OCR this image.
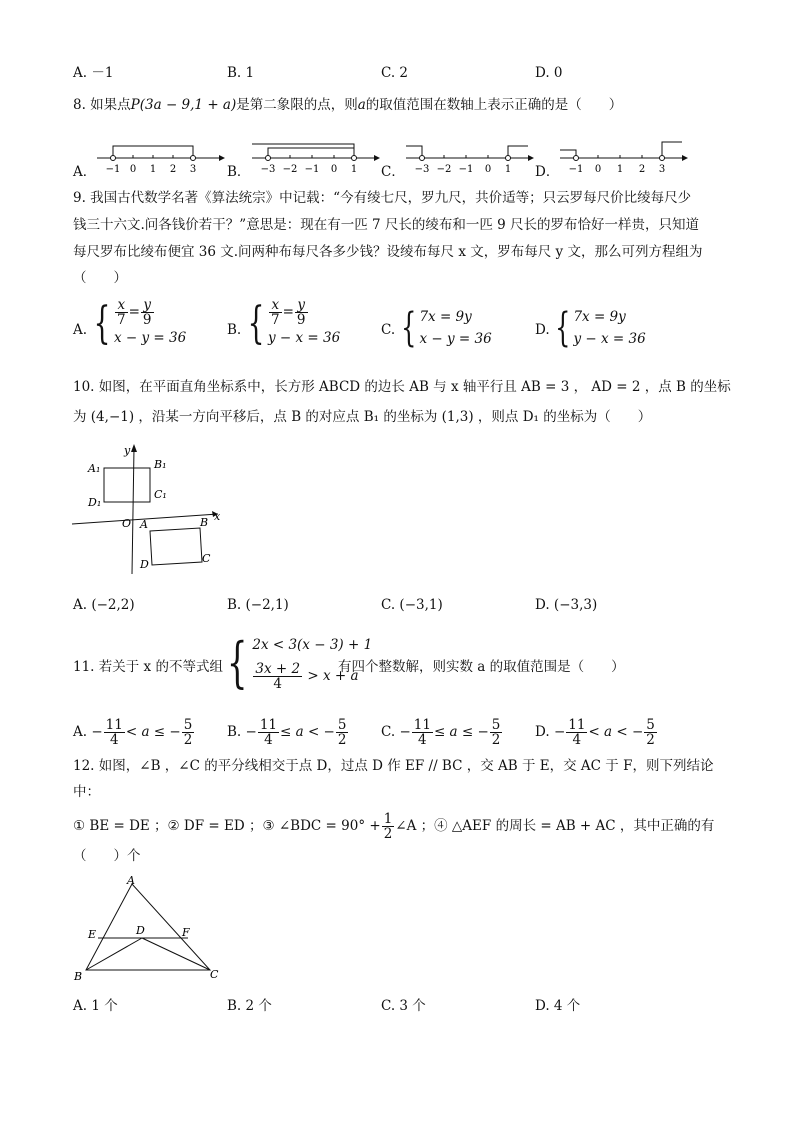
A. －1	B. 1	C. 2	D. 0
8. 如果点P(3a − 9,1 + a)是第二象限的点，则a的取值范围在数轴上表示正确的是（　　）
A． −1 0 1 2 3 B． −3 −2 −1 0 1 C． −3 −2 −1 0 1 D． −1 0 1 2 3
9. 我国古代数学名著《算法统宗》中记载：“今有绫七尺，罗九尺，共价适等；只云罗每尺价比绫每尺少
钱三十六文.问各钱价若干？”意思是：现在有一匹 7 尺长的绫布和一匹 9 尺长的罗布恰好一样贵，只知道
每尺罗布比绫布便宜 36 文.问两种布每尺各多少钱？设绫布每尺 x 文，罗布每尺 y 文，那么可列方程组为
（　　）
A. { $\frac{x}{7} = \frac{y}{9}$
x − y = 36	B. { $\frac{x}{7} = \frac{y}{9}$
y − x = 36	C. { 7x = 9y
x − y = 36
D. { 7x = 9y
y − x = 36
10. 如图，在平面直角坐标系中，长方形 ABCD 的边长 AB 与 x 轴平行且 AB = 3 ， AD = 2 ，点 B 的坐标
为 (4,−1) ，沿某一方向平移后，点 B 的对应点 B₁ 的坐标为 (1,3) ，则点 D₁ 的坐标为（　　）
A₁	B₁
C₁
D₁
O A	B
C
D
x
y
A. (−2,2)	B. (−2,1)	C. (−3,1)	D. (−3,3)
11. 若关于 x 的不等式组 { 2x < 3(x − 3) + 1
$\frac{3x + 2}{4} > x + a$
有四个整数解，则实数 a 的取值范围是（　　）
A. − $\frac{11}{4} < a$ ≤ − $\frac{5}{2} B$. − $\frac{11}{4} \le a$ < − $\frac{5}{2} C$. − $\frac{11}{4} \le a$ ≤ − $\frac{5}{2} D$. − $\frac{11}{4} < a$ < − $\frac{5}{2}$
12. 如图，∠B ，∠C 的平分线相交于点 D，过点 D 作 EF // BC ，交 AB 于 E，交 AC 于 F，则下列结论
中：
① BE = DE ；② DF = ED ；③ ∠BDC = $90^\circ + \frac{1}{2}$ ∠A ；④ △AEF 的周长 = AB + AC ，其中正确的有
（　　）个
A
B	C
D
E	F
A. 1 个	B. 2 个	C. 3 个	D. 4 个
